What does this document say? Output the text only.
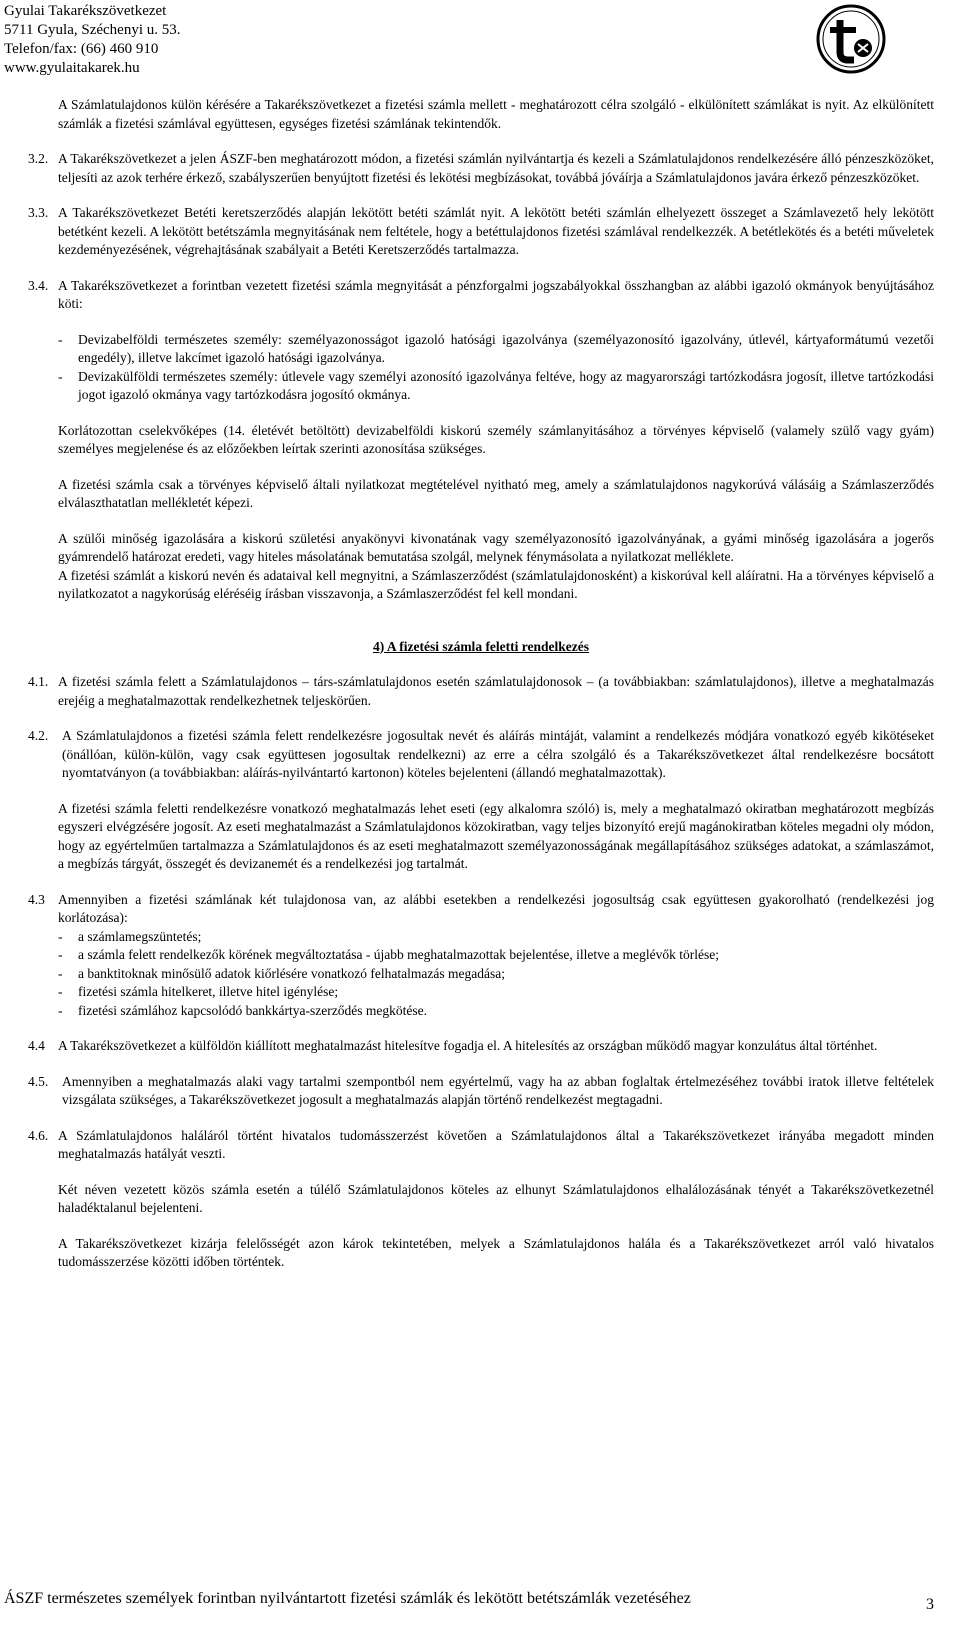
Gyulai Takarékszövetkezet
5711 Gyula, Széchenyi u. 53.
Telefon/fax: (66) 460 910
www.gyulaitakarek.hu

A Számlatulajdonos külön kérésére a Takarékszövetkezet a fizetési számla mellett - meghatározott célra szolgáló - elkülönített számlákat is nyit. Az elkülönített számlák a fizetési számlával együttesen, egységes fizetési számlának tekintendők.

3.2. A Takarékszövetkezet a jelen ÁSZF-ben meghatározott módon, a fizetési számlán nyilvántartja és kezeli a Számlatulajdonos rendelkezésére álló pénzeszközöket, teljesíti az azok terhére érkező, szabályszerűen benyújtott fizetési és lekötési megbízásokat, továbbá jóváírja a Számlatulajdonos javára érkező pénzeszközöket.
3.3. A Takarékszövetkezet Betéti keretszerződés alapján lekötött betéti számlát nyit. A lekötött betéti számlán elhelyezett összeget a Számlavezető hely lekötött betétként kezeli. A lekötött betétszámla megnyitásának nem feltétele, hogy a betéttulajdonos fizetési számlával rendelkezzék. A betétlekötés és a betéti műveletek kezdeményezésének, végrehajtásának szabályait a Betéti Keretszerződés tartalmazza.
3.4. A Takarékszövetkezet a forintban vezetett fizetési számla megnyitását a pénzforgalmi jogszabályokkal összhangban az alábbi igazoló okmányok benyújtásához köti:
-	Devizabelföldi természetes személy: személyazonosságot igazoló hatósági igazolványa (személyazonosító igazolvány, útlevél, kártyaformátumú vezetői engedély), illetve lakcímet igazoló hatósági igazolványa.
-	Devizakülföldi természetes személy: útlevele vagy személyi azonosító igazolványa feltéve, hogy az magyarországi tartózkodásra jogosít, illetve tartózkodási jogot igazoló okmánya vagy tartózkodásra jogosító okmánya.

Korlátozottan cselekvőképes (14. életévét betöltött) devizabelföldi kiskorú személy számlanyitásához a törvényes képviselő (valamely szülő vagy gyám) személyes megjelenése és az előzőekben leírtak szerinti azonosítása szükséges.

A fizetési számla csak a törvényes képviselő általi nyilatkozat megtételével nyitható meg, amely a számlatulajdonos nagykorúvá válásáig a Számlaszerződés elválaszthatatlan mellékletét képezi.

A szülői minőség igazolására a kiskorú születési anyakönyvi kivonatának vagy személyazonosító igazolványának, a gyámi minőség igazolására a jogerős gyámrendelő határozat eredeti, vagy hiteles másolatának bemutatása szolgál, melynek fénymásolata a nyilatkozat melléklete.

A fizetési számlát a kiskorú nevén és adataival kell megnyitni, a Számlaszerződést (számlatulajdonosként) a kiskorúval kell aláíratni. Ha a törvényes képviselő a nyilatkozatot a nagykorúság eléréséig írásban visszavonja, a Számlaszerződést fel kell mondani.

4) A fizetési számla feletti rendelkezés

4.1. A fizetési számla felett a Számlatulajdonos – társ-számlatulajdonos esetén számlatulajdonosok – (a továbbiakban: számlatulajdonos), illetve a meghatalmazás erejéig a meghatalmazottak rendelkezhetnek teljeskörűen.
4.2.	A Számlatulajdonos a fizetési számla felett rendelkezésre jogosultak nevét és aláírás mintáját, valamint a rendelkezés módjára vonatkozó egyéb kikötéseket (önállóan, külön-külön, vagy csak együttesen jogosultak rendelkezni) az erre a célra szolgáló és a Takarékszövetkezet által rendelkezésre bocsátott nyomtatványon (a továbbiakban: aláírás-nyilvántartó kartonon) köteles bejelenteni (állandó meghatalmazottak).

A fizetési számla feletti rendelkezésre vonatkozó meghatalmazás lehet eseti (egy alkalomra szóló) is, mely a meghatalmazó okiratban meghatározott megbízás egyszeri elvégzésére jogosít. Az eseti meghatalmazást a Számlatulajdonos közokiratban, vagy teljes bizonyító erejű magánokiratban köteles megadni oly módon, hogy az egyértelműen tartalmazza a Számlatulajdonos és az eseti meghatalmazott személyazonosságának megállapításához szükséges adatokat, a számlaszámot, a megbízás tárgyát, összegét és devizanemét és a rendelkezési jog tartalmát.

4.3 Amennyiben a fizetési számlának két tulajdonosa van, az alábbi esetekben a rendelkezési jogosultság csak együttesen gyakorolható (rendelkezési jog korlátozása):
-	a számlamegszüntetés;
-	a számla felett rendelkezők körének megváltoztatása - újabb meghatalmazottak bejelentése, illetve a meglévők törlése;
-	a banktitoknak minősülő adatok kiőrlésére vonatkozó felhatalmazás megadása;
-	fizetési számla hitelkeret, illetve hitel igénylése;
-	fizetési számlához kapcsolódó bankkártya-szerződés megkötése.
4.4 A Takarékszövetkezet a külföldön kiállított meghatalmazást hitelesítve fogadja el. A hitelesítés az országban működő magyar konzulátus által történhet.
4.5.	Amennyiben a meghatalmazás alaki vagy tartalmi szempontból nem egyértelmű, vagy ha az abban foglaltak értelmezéséhez további iratok illetve feltételek vizsgálata szükséges, a Takarékszövetkezet jogosult a meghatalmazás alapján történő rendelkezést megtagadni.
4.6. A Számlatulajdonos haláláról történt hivatalos tudomásszerzést követően a Számlatulajdonos által a Takarékszövetkezet irányába megadott minden meghatalmazás hatályát veszti.

Két néven vezetett közös számla esetén a túlélő Számlatulajdonos köteles az elhunyt Számlatulajdonos elhalálozásának tényét a Takarékszövetkezetnél haladéktalanul bejelenteni.

A Takarékszövetkezet kizárja felelősségét azon károk tekintetében, melyek a Számlatulajdonos halála és a Takarékszövetkezet arról való hivatalos tudomásszerzése közötti időben történtek.

ÁSZF természetes személyek forintban nyilvántartott fizetési számlák és lekötött betétszámlák vezetéséhez	3
